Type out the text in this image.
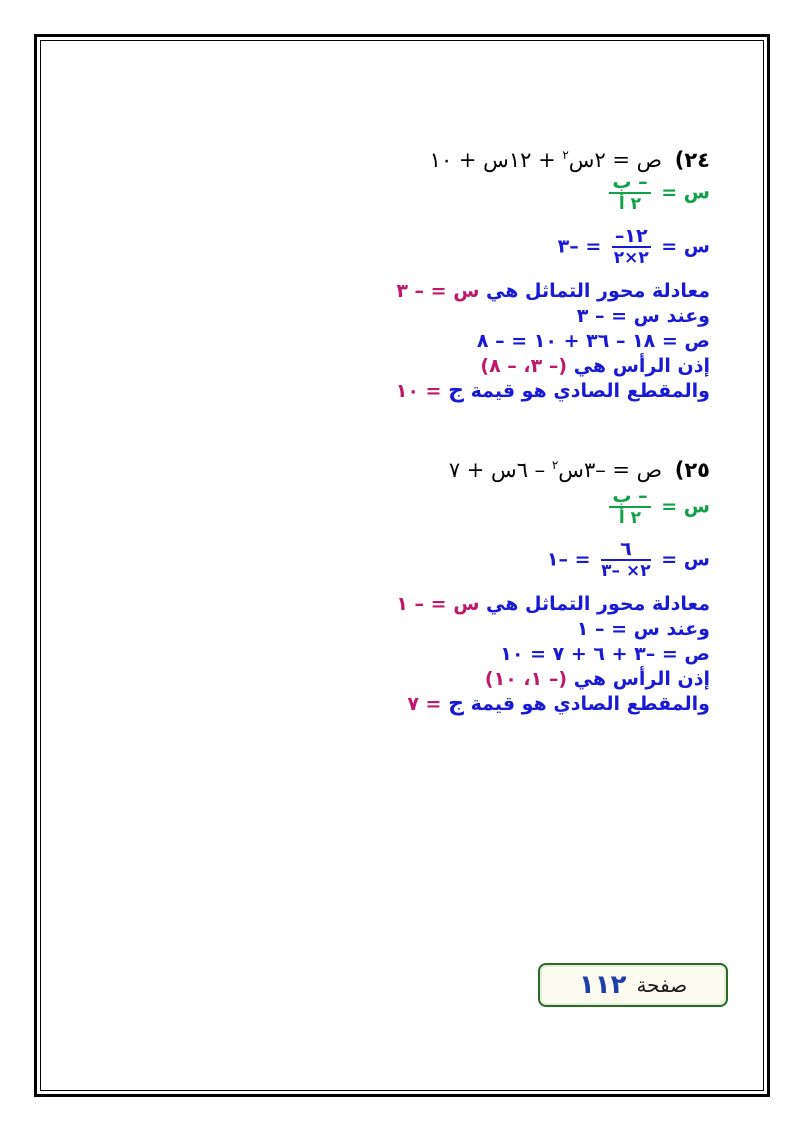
٢٤) ص = ٢س$^٢$ + ١٢س + ١٠
س =
$\frac{\text{– ب}}{\text{٢ أ}}$
س =
$\frac{١٢-}{٢\times ٢}$
= –٣
معادلة محور التماثل هي س = – ٣
وعند س = – ٣
ص = ١٨ – ٣٦ + ١٠ = – ٨
إذن الرأس هي (– ٣، – ٨)
والمقطع الصادي هو قيمة ج = ١٠
٢٥) ص = –٣س$^٢$ – ٦س + ٧
س =
$\frac{\text{– ب}}{\text{٢ أ}}$
س =
$\frac{٦}{٢\times -٣}$
= –١
معادلة محور التماثل هي س = – ١
وعند س = – ١
ص = –٣ + ٦ + ٧ = ١٠
إذن الرأس هي (– ١، ١٠)
والمقطع الصادي هو قيمة ج = ٧
صفحة
١١٢
